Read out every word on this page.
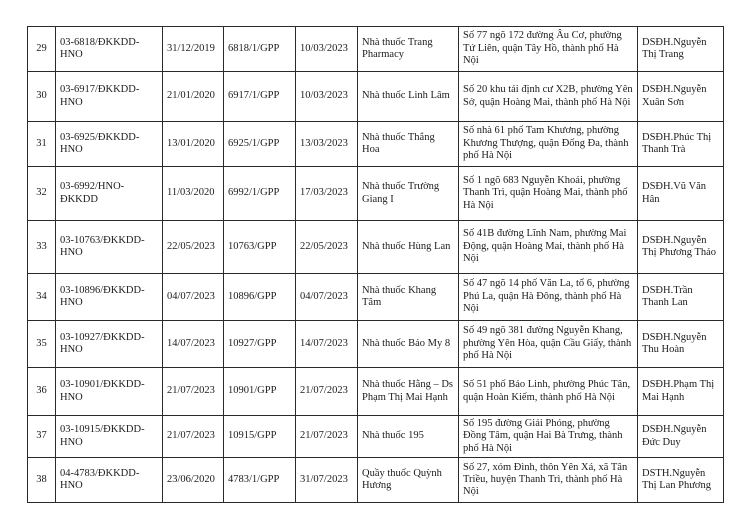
29	03-6818/ĐKKDD-HNO	31/12/2019	6818/1/GPP	10/03/2023	Nhà thuốc Trang Pharmacy	Số 77 ngõ 172 đường Âu Cơ, phường Tứ Liên, quận Tây Hồ, thành phố Hà Nội	DSĐH.Nguyễn Thị Trang
30	03-6917/ĐKKDD-HNO	21/01/2020	6917/1/GPP	10/03/2023	Nhà thuốc Linh Lâm	Số 20 khu tái định cư X2B, phường Yên Sở, quận Hoàng Mai, thành phố Hà Nội	DSĐH.Nguyễn Xuân Sơn
31	03-6925/ĐKKDD-HNO	13/01/2020	6925/1/GPP	13/03/2023	Nhà thuốc Thắng Hoa	Số nhà 61 phố Tam Khương, phường Khương Thượng, quận Đống Đa, thành phố Hà Nội	DSĐH.Phúc Thị Thanh Trà
32	03-6992/HNO-ĐKKDD	11/03/2020	6992/1/GPP	17/03/2023	Nhà thuốc Trường Giang I	Số 1 ngõ 683 Nguyễn Khoái, phường Thanh Trì, quận Hoàng Mai, thành phố Hà Nội	DSĐH.Vũ Văn Hân
33	03-10763/ĐKKDD-HNO	22/05/2023	10763/GPP	22/05/2023	Nhà thuốc Hùng Lan	Số 41B đường Lĩnh Nam, phường Mai Động, quận Hoàng Mai, thành phố Hà Nội	DSĐH.Nguyễn Thị Phương Thảo
34	03-10896/ĐKKDD-HNO	04/07/2023	10896/GPP	04/07/2023	Nhà thuốc Khang Tâm	Số 47 ngõ 14 phố Văn La, tổ 6, phường Phú La, quận Hà Đông, thành phố Hà Nội	DSĐH.Trần Thanh Lan
35	03-10927/ĐKKDD-HNO	14/07/2023	10927/GPP	14/07/2023	Nhà thuốc Bảo My 8	Số 49 ngõ 381 đường Nguyễn Khang, phường Yên Hòa, quận Cầu Giấy, thành phố Hà Nội	DSĐH.Nguyễn Thu Hoàn
36	03-10901/ĐKKDD-HNO	21/07/2023	10901/GPP	21/07/2023	Nhà thuốc Hằng – Ds Phạm Thị Mai Hạnh	Số 51 phố Bảo Linh, phường Phúc Tân, quận Hoàn Kiếm, thành phố Hà Nội	DSĐH.Phạm Thị Mai Hạnh
37	03-10915/ĐKKDD-HNO	21/07/2023	10915/GPP	21/07/2023	Nhà thuốc 195	Số 195 đường Giải Phóng, phường Đồng Tâm, quận Hai Bà Trưng, thành phố Hà Nội	DSĐH.Nguyễn Đức Duy
38	04-4783/ĐKKDD-HNO	23/06/2020	4783/1/GPP	31/07/2023	Quầy thuốc Quỳnh Hương	Số 27, xóm Đình, thôn Yên Xá, xã Tân Triều, huyện Thanh Trì, thành phố Hà Nội	DSTH.Nguyễn Thị Lan Phương
